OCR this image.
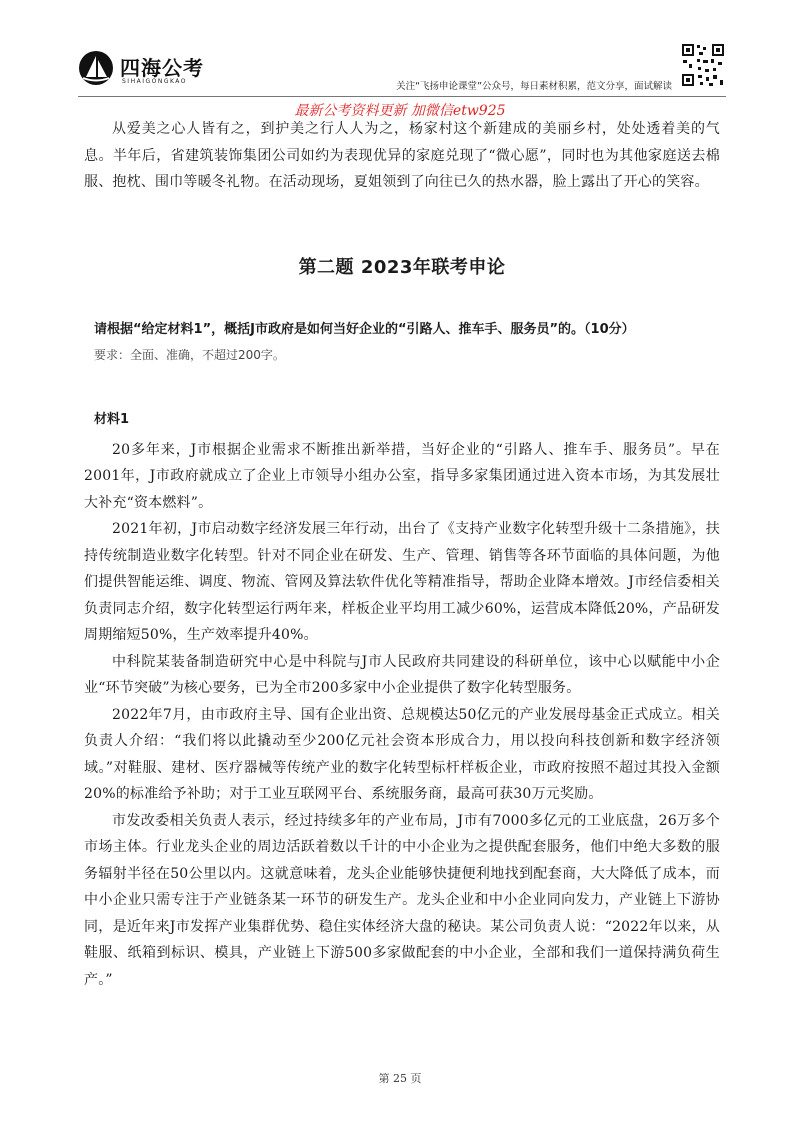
四海公考
SIHAIGONGKAO	关注“飞扬申论课堂”公众号，每日素材积累，范文分享，面试解读
最新公考资料更新 加微信etw925

从爱美之心人皆有之，到护美之行人人为之，杨家村这个新建成的美丽乡村，处处透着美的气息。半年后，省建筑装饰集团公司如约为表现优异的家庭兑现了“微心愿”，同时也为其他家庭送去棉服、抱枕、围巾等暖冬礼物。在活动现场，夏姐领到了向往已久的热水器，脸上露出了开心的笑容。

第二题 2023年联考申论
请根据“给定材料1”，概括J市政府是如何当好企业的“引路人、推车手、服务员”的。（10分）
要求：全面、准确，不超过200字。
材料1

20多年来，J市根据企业需求不断推出新举措，当好企业的“引路人、推车手、服务员”。早在2001年，J市政府就成立了企业上市领导小组办公室，指导多家集团通过进入资本市场，为其发展壮大补充“资本燃料”。

2021年初，J市启动数字经济发展三年行动，出台了《支持产业数字化转型升级十二条措施》，扶持传统制造业数字化转型。针对不同企业在研发、生产、管理、销售等各环节面临的具体问题，为他们提供智能运维、调度、物流、管网及算法软件优化等精准指导，帮助企业降本增效。J市经信委相关负责同志介绍，数字化转型运行两年来，样板企业平均用工减少60%，运营成本降低20%，产品研发周期缩短50%，生产效率提升40%。

中科院某装备制造研究中心是中科院与J市人民政府共同建设的科研单位，该中心以赋能中小企业“环节突破”为核心要务，已为全市200多家中小企业提供了数字化转型服务。

2022年7月，由市政府主导、国有企业出资、总规模达50亿元的产业发展母基金正式成立。相关负责人介绍：“我们将以此撬动至少200亿元社会资本形成合力，用以投向科技创新和数字经济领域。”对鞋服、建材、医疗器械等传统产业的数字化转型标杆样板企业，市政府按照不超过其投入金额20%的标准给予补助；对于工业互联网平台、系统服务商，最高可获30万元奖励。

市发改委相关负责人表示，经过持续多年的产业布局，J市有7000多亿元的工业底盘，26万多个市场主体。行业龙头企业的周边活跃着数以千计的中小企业为之提供配套服务，他们中绝大多数的服务辐射半径在50公里以内。这就意味着，龙头企业能够快捷便利地找到配套商，大大降低了成本，而中小企业只需专注于产业链条某一环节的研发生产。龙头企业和中小企业同向发力，产业链上下游协同，是近年来J市发挥产业集群优势、稳住实体经济大盘的秘诀。某公司负责人说：“2022年以来，从鞋服、纸箱到标识、模具，产业链上下游500多家做配套的中小企业，全部和我们一道保持满负荷生产。”

第 25 页
